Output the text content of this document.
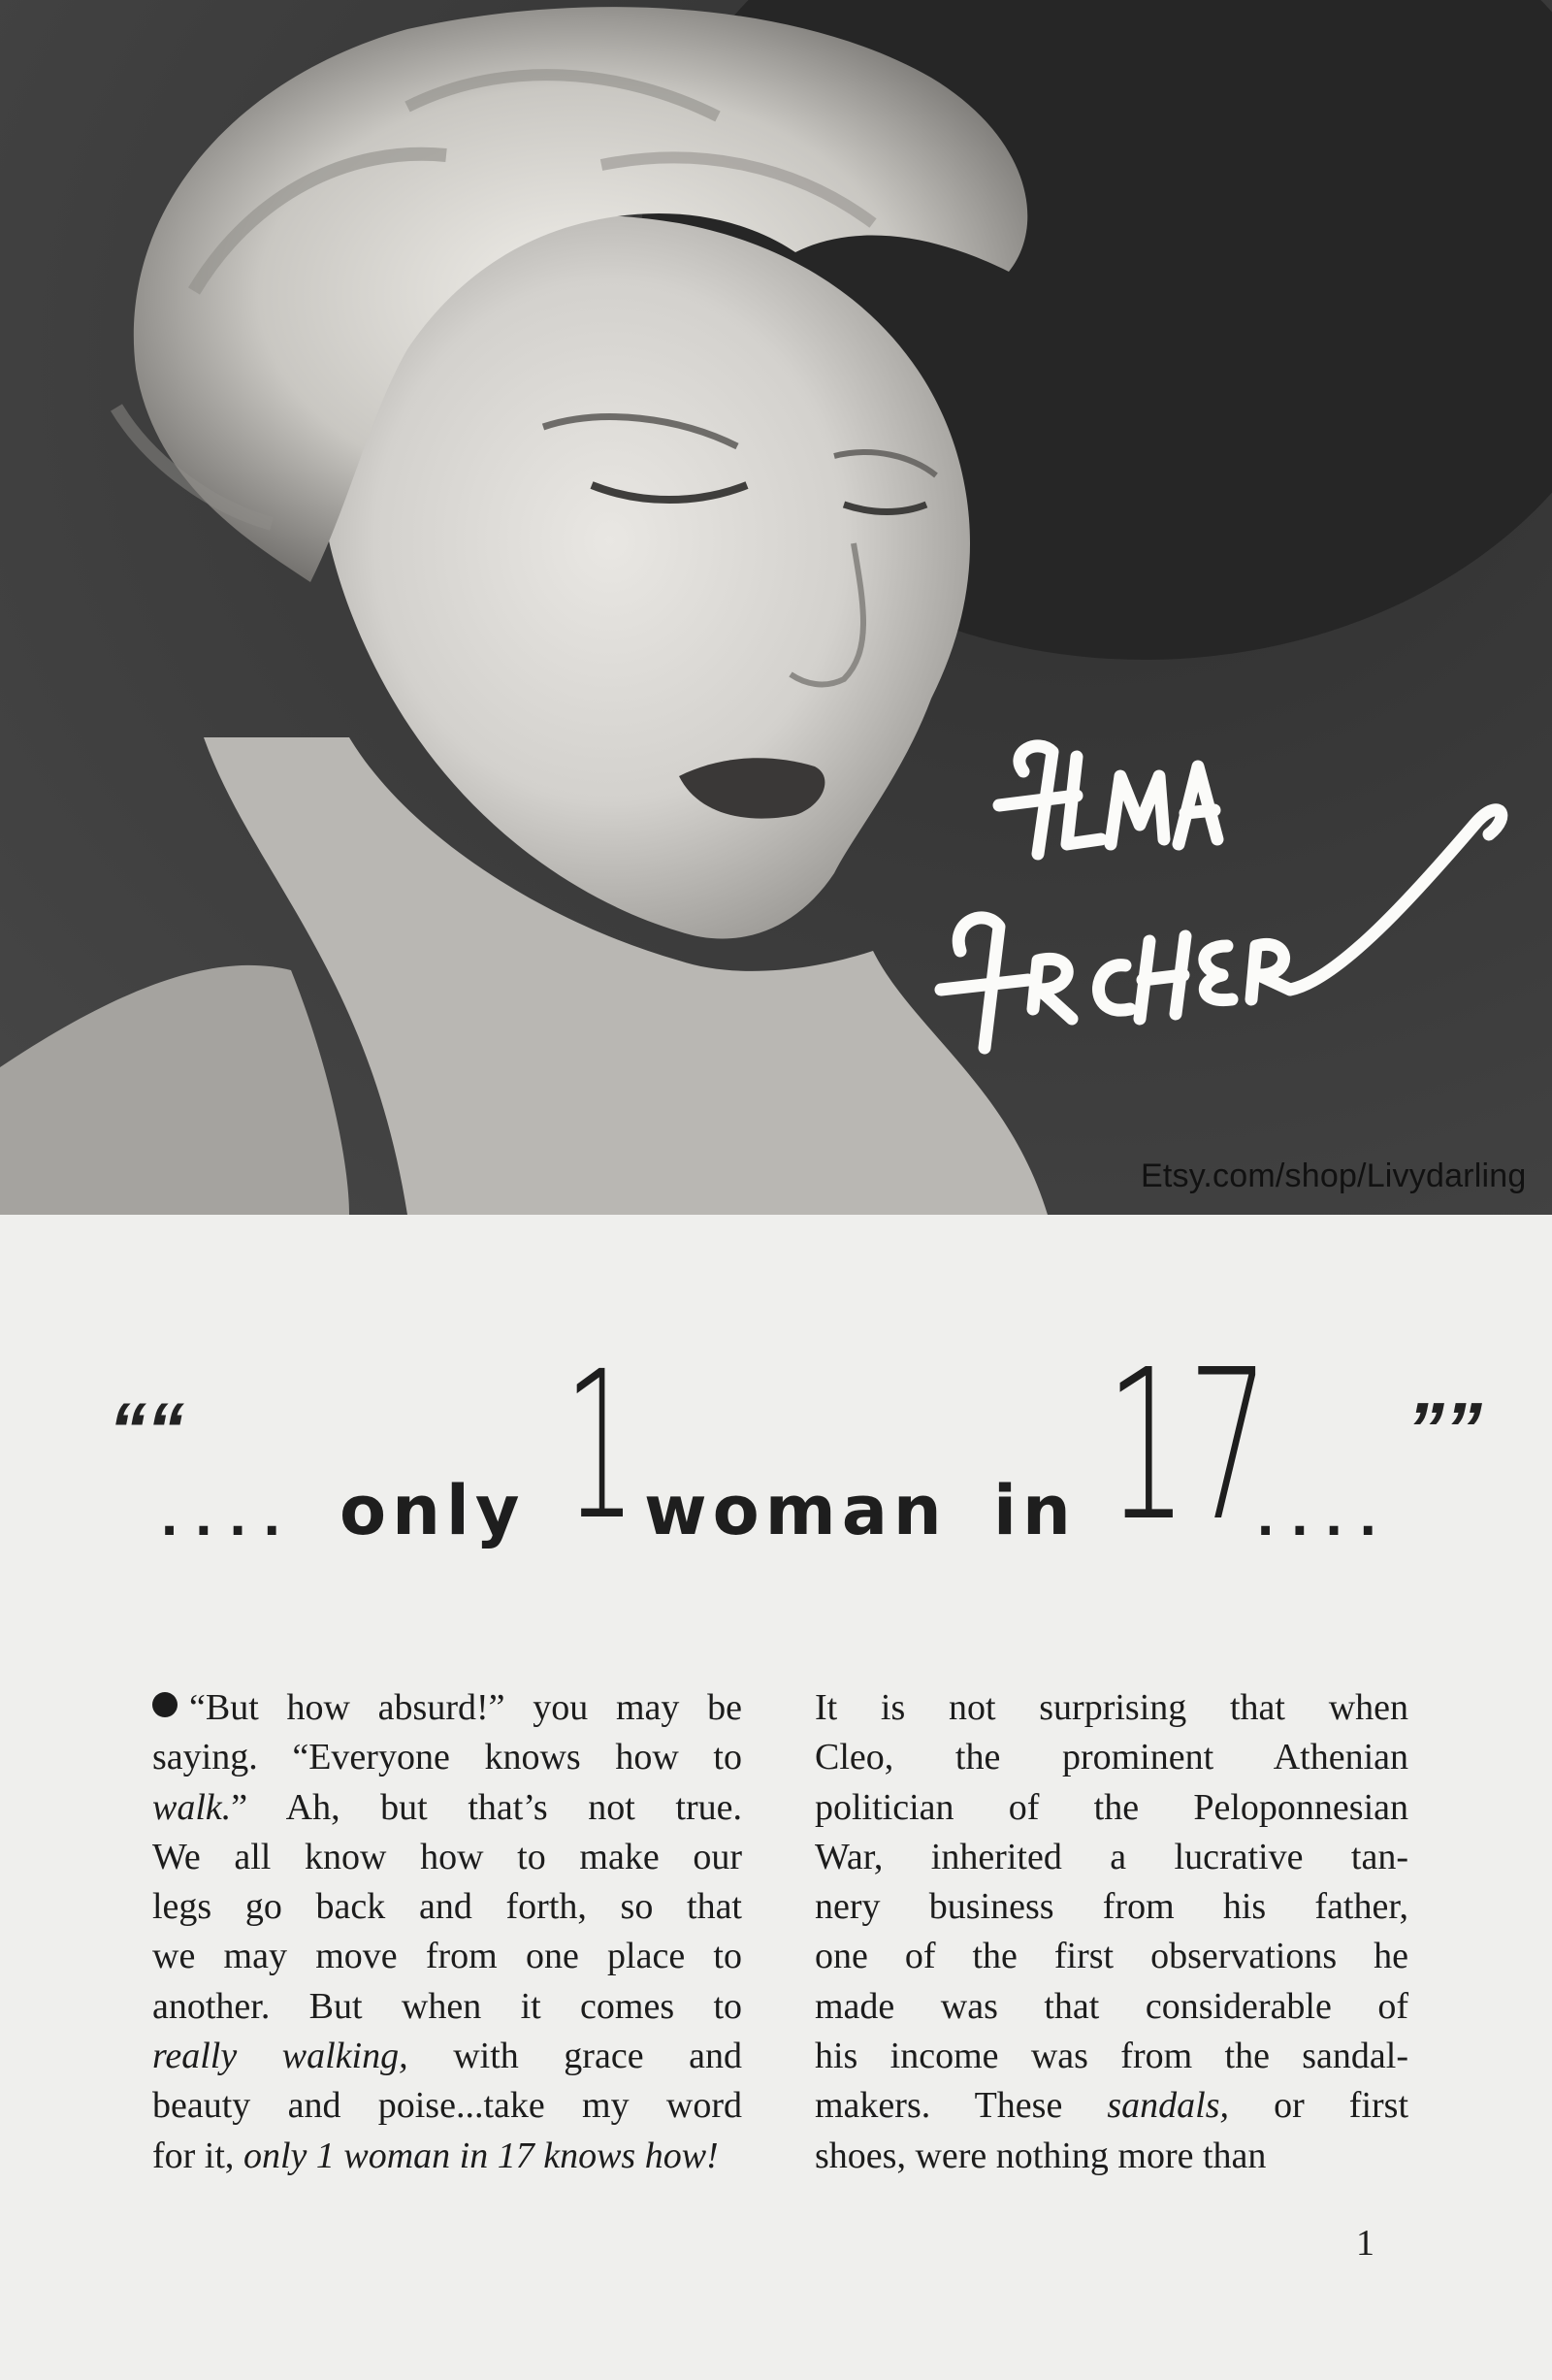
Etsy.com/shop/Livydarling
““
.... only 1 woman in 17
....
””
“But how absurd!” you may be
saying. “Everyone knows how to
walk.” Ah, but that’s not true.
We all know how to make our
legs go back and forth, so that
we may move from one place to
another. But when it comes to
really walking, with grace and
beauty and poise...take my word
for it, only 1 woman in 17 knows how!
It is not surprising that when
Cleo, the prominent Athenian
politician of the Peloponnesian
War, inherited a lucrative tan-
nery business from his father,
one of the first observations he
made was that considerable of
his income was from the sandal-
makers. These sandals, or first
shoes, were nothing more than
1
